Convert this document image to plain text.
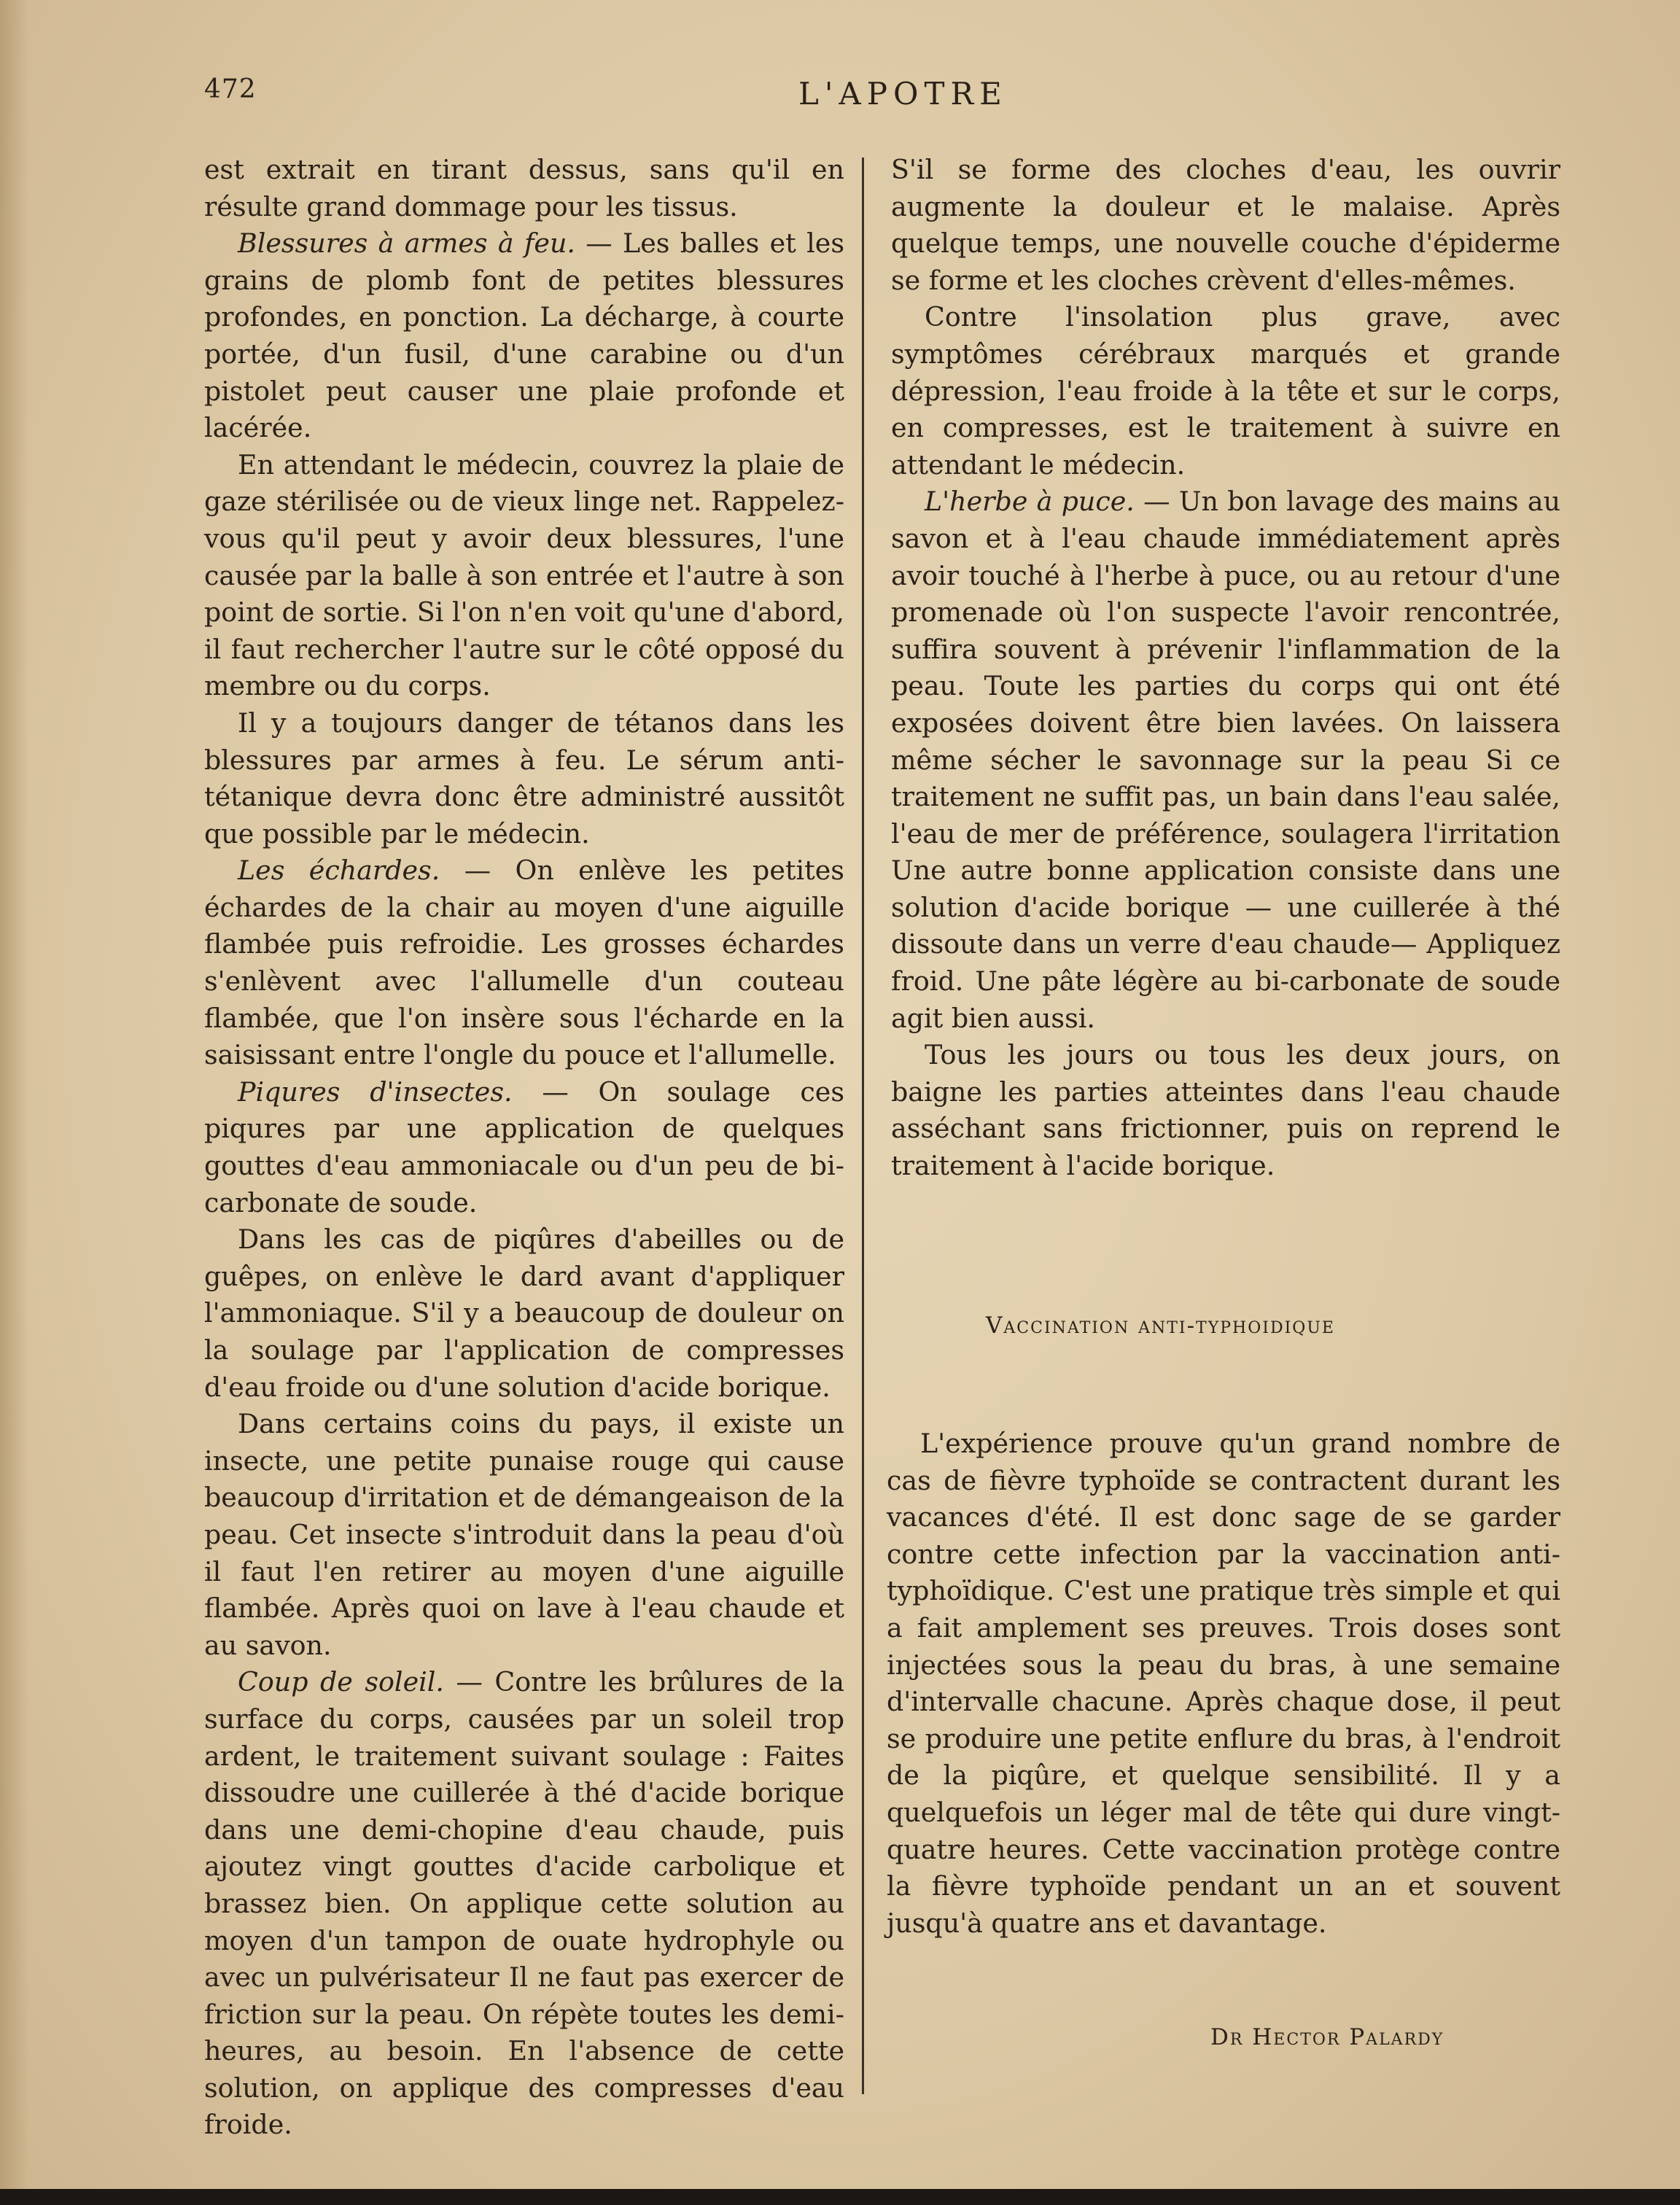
472	L'APOTRE

est extrait en tirant dessus, sans qu'il en résulte grand dommage pour les tissus.

Blessures à armes à feu. — Les balles et les grains de plomb font de petites blessures profondes, en ponction. La décharge, à courte portée, d'un fusil, d'une carabine ou d'un pistolet peut causer une plaie profonde et lacérée.

En attendant le médecin, couvrez la plaie de gaze stérilisée ou de vieux linge net. Rappelez-vous qu'il peut y avoir deux blessures, l'une causée par la balle à son entrée et l'autre à son point de sortie. Si l'on n'en voit qu'une d'abord, il faut rechercher l'autre sur le côté opposé du membre ou du corps.

Il y a toujours danger de tétanos dans les blessures par armes à feu. Le sérum anti-tétanique devra donc être administré aussitôt que possible par le médecin.

Les échardes. — On enlève les petites échardes de la chair au moyen d'une aiguille flambée puis refroidie. Les grosses échardes s'enlèvent avec l'allumelle d'un couteau flambée, que l'on insère sous l'écharde en la saisissant entre l'ongle du pouce et l'allumelle.

Piqures d'insectes. — On soulage ces piqures par une application de quelques gouttes d'eau ammoniacale ou d'un peu de bi-carbonate de soude.

Dans les cas de piqûres d'abeilles ou de guêpes, on enlève le dard avant d'appliquer l'ammoniaque. S'il y a beaucoup de douleur on la soulage par l'application de compresses d'eau froide ou d'une solution d'acide borique.

Dans certains coins du pays, il existe un insecte, une petite punaise rouge qui cause beaucoup d'irritation et de démangeaison de la peau. Cet insecte s'introduit dans la peau d'où il faut l'en retirer au moyen d'une aiguille flambée. Après quoi on lave à l'eau chaude et au savon.

Coup de soleil. — Contre les brûlures de la surface du corps, causées par un soleil trop ardent, le traitement suivant soulage : Faites dissoudre une cuillerée à thé d'acide borique dans une demi-chopine d'eau chaude, puis ajoutez vingt gouttes d'acide carbolique et brassez bien. On applique cette solution au moyen d'un tampon de ouate hydrophyle ou avec un pulvérisateur Il ne faut pas exercer de friction sur la peau. On répète toutes les demi-heures, au besoin. En l'absence de cette solution, on applique des compresses d'eau froide.

S'il se forme des cloches d'eau, les ouvrir augmente la douleur et le malaise. Après quelque temps, une nouvelle couche d'épiderme se forme et les cloches crèvent d'elles-mêmes.

Contre l'insolation plus grave, avec symptômes cérébraux marqués et grande dépression, l'eau froide à la tête et sur le corps, en compresses, est le traitement à suivre en attendant le médecin.

L'herbe à puce. — Un bon lavage des mains au savon et à l'eau chaude immédiatement après avoir touché à l'herbe à puce, ou au retour d'une promenade où l'on suspecte l'avoir rencontrée, suffira souvent à prévenir l'inflammation de la peau. Toute les parties du corps qui ont été exposées doivent être bien lavées. On laissera même sécher le savonnage sur la peau Si ce traitement ne suffit pas, un bain dans l'eau salée, l'eau de mer de préférence, soulagera l'irritation Une autre bonne application consiste dans une solution d'acide borique — une cuillerée à thé dissoute dans un verre d'eau chaude— Appliquez froid. Une pâte légère au bi-carbonate de soude agit bien aussi.

Tous les jours ou tous les deux jours, on baigne les parties atteintes dans l'eau chaude asséchant sans frictionner, puis on reprend le traitement à l'acide borique.

Vaccination anti-typhoidique

L'expérience prouve qu'un grand nombre de cas de fièvre typhoïde se contractent durant les vacances d'été. Il est donc sage de se garder contre cette infection par la vaccination anti-typhoïdique. C'est une pratique très simple et qui a fait amplement ses preuves. Trois doses sont injectées sous la peau du bras, à une semaine d'intervalle chacune. Après chaque dose, il peut se produire une petite enflure du bras, à l'endroit de la piqûre, et quelque sensibilité. Il y a quelquefois un léger mal de tête qui dure vingt-quatre heures. Cette vaccination protège contre la fièvre typhoïde pendant un an et souvent jusqu'à quatre ans et davantage.

Dr Hector Palardy
